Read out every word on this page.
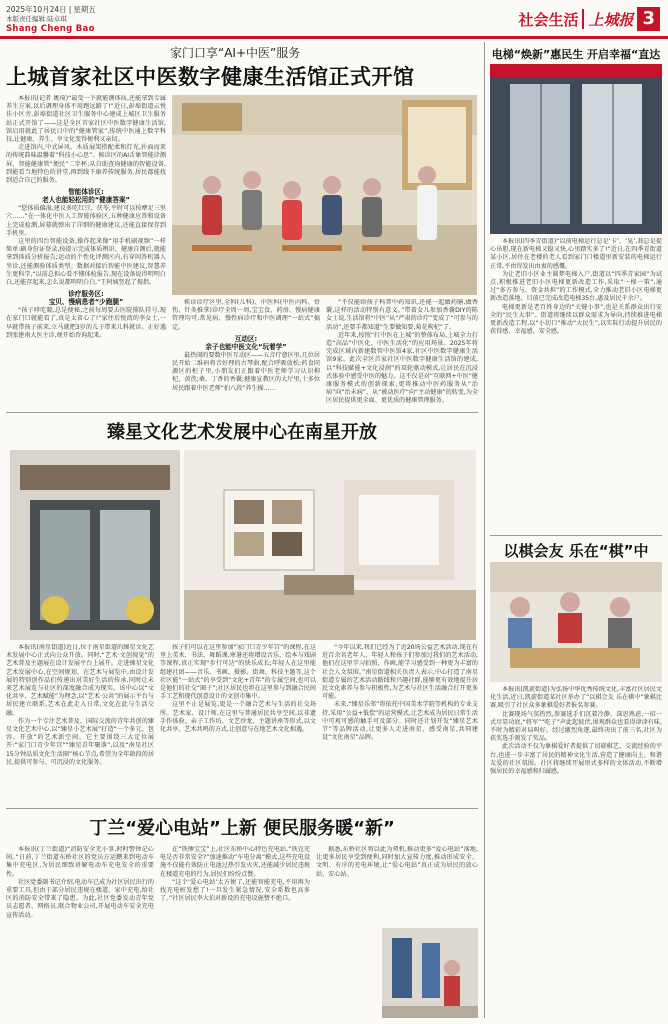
2025年10月24日 | 星期五
本版责任编辑:陆卓琪
Shang Cheng Bao
社会生活 上城报 3
家门口享“AI+中医”服务
上城首家社区中医数字健康生活馆正式开馆

本报讯(记者 姚琦)“最受一下就能测体质,还能拿到专属养生方案,以后调理身体不用跑远路了!”近日,彭埠街道云悦佳小区旁,彭埠街道社区卫生服务中心建成上城区卫生服务站正式开馆了——这是全区首家社区中医数字健康生活馆,馆启用就此了居民日中的“健康管家”,传统中医通上数字科技,让健康、养生、享文化变得便利又亲切。

走进馆内,中式屏风、木质展架搭配柔和灯光,扑面而来的传统韵味温馨着“科技小心思”。候诊区的AI舌象智能诊测屏、智能健康管“便民”二字杯;从自助查询健康的智能设备,到能看当地特色的讲堂,再到线下康养传统服务,居民都能找到适合自己的服务。

智能体诊区:
老人也能轻松用的“健康答案”

“您体质偏湿,建议多吃红豆、茯苓,平时可以按摩足三里穴……”在一体化中医人工智能体验区,五种健康应答和设备上完成检测,屏幕就弹出了详细的健康建议,还能直接保存到手机里。

这里的四台智能设备,操作起来像“用手机刷视频”一样简单:刷身份证登录,按提示完成体质辨识、健康自测后,就能拿到体质分析报告;运动的个性化评测区内,有穿问答机器人坐诊,还能测验体质类型。数据对接后智能中医建议,智慧养生更科学,“以前总担心看不懂体检报告,现在设备说得明明白白,还能存起来,怎么说都明明白白,”王阿姨竖起了拇指。

诊疗服务区:
宝贝、慢病患者“少跑腿”

“孩子哮吃喘,总是便秘,之前每周要去医院排队挂号,现在家门口就能看了,真是太省心了!”家住后悦湾的李女士,一早就带孩子前来,立马就把3岁的儿子带来儿科就诊。正好遇到张建南大医主诊,便开始咨询起来。

候诊诊疗区里,全科(儿科)、中医科(中医内科、骨伤、针灸推拿)诊疗全周一周,宝宝食、药房、慢病健康管理均可,常见病、慢性病诊疗和中医调理“一站式”搞定。

互动区:
亲子也能中医文化“玩着学”

最热闹的要数中医互动区——五音疗愈区里,几位居民开始二维码将音好理的古琴曲,配合呼吸放松;药食同源区的柜子里,小朋友们正跟着中医老师学习认识枸杞、黄芪;桑、丁香的香囊;健康宣教区的大厅里,十多位居民跟着中医老师“拍八段”养生操……

“不仅能给孩子科普中药知识,还能一起做药膳,做香囊,这样的活动特别有意义。”带着女儿参加香囊DIY的陈女士说,生活馆将“中医”从“严肃的诊疗”变成了“可参与的活动”,还要手都知道“生要做知要,菊花枸杞”了。

近年来,按照“打中医在上城”的整体布局,上城全力打造“高品”中医化、中医生活化“的应用场景。2025年将完成区域内新建数智中医馆4家,社区中医数字健康生活馆9家。此次全区首家社区中医数字健康生活馆的建成,以“科技赋能+文化浸润”的双轮驱动模式,让居民在沉浸式体验中感受中医的魅力。这不仅是对“互联网+中医”健康服务模式的创新探索,更将推动中医药服务从“治病”向“治未病”、从“被动医疗”向“主动健康”的转变,为全区居民提供更全面、更优质的健康管理服务。

臻星文化艺术发展中心在南星开放

本报讯(南星街道)近日,位于南星街道的臻星文化艺术发展中心正式向公众开放。同时,“艺术·文创视觉”的艺术普及主题展在设计发展平台上展开。走进臻星文化艺术发展中心,在空间规划、在艺术与展览中,由设计发展的特别创作品们传递出对美好生活的传承,同时让未来艺术展览与社区的深度融合成为现实。该中心以“文化共享、艺术赋能”为理念,以“艺术·公共”的展示平台与居民建立联系,艺术在此走入日常,文化在此与生活交融。

作为一个专注艺术普及、国际交流的青年共创的臻星文化艺术中心,以“臻星小艺术展”打造“一个多元、包容、开放”的艺术新空间。它主要围绕三大定位展开:“家门口青少年宫”“臻星青年聚落”,以及“南星社区15分钟品质文化生活圈”核心节点,希望为全年龄段的居民,提供可参与、可沉浸的文化服务。

孩子们可以在这里参加“家门口青少年宫”的课程,在这里上美术、书法、舞蹈课,寒暑还将增设音乐、绘本与戏剧等课程,真正实现“步行可达”的快乐成长;年轻人在这里能组建社团——音乐、书画、摄影、街舞、科技主题等,这个社区能“一站式”的享受到“文化+青年”的专属空间,也可以是他们的社交“圈子”;社区居民也将在这里参与到融合民间手工艺和现代创意设计的文创市集中。

这里不止是展览,更是一个融合艺术与生活的社交场所。艺术家、设计师,在这里与普通居民共享空间,以非遗手作体验、亲子工作坊、文艺沙龙、主题讲座等形式,以文化共享、艺术共鸣的方式,让创意与在地艺术文化相遇。

“今年以来,我们已经为了近20场公益艺术活动,现在有近百余名老年人、年轻人和孩子们参加过我们的艺术活动,他们在这里学习拍照、作画,能学习感受到一种更为丰富的社会人文氛围。”南星街道相关负责人表示,中心打造了南星街道专属的艺术活动路线和兴趣社群,能够更有效地提升居民文化素养与参与积极性,为艺术与社区生活融合打开更多可能。

未来,“臻星乐邻”将依托中国美术学院等机构的专业支持,采用“公益+低偿”的运营模式,让艺术成为居民日常生活中可观可感的触手可及部分。同时还计划开发“臻星艺术节”等品牌活动,让更多人走进南星、感受南星,共同建设“文化南星”品牌。

丁兰“爱心电站”上新 便民服务暖“新”

本报讯(丁兰街道)“消防安全无小事,时时警钟记心间。”日前,丁兰街道东桥社区的党员方运鹏来到电动车集中充电区,为居民细致讲解电动车充电安全的重要性。

社区党委副书记介绍,电动车已成为社区居民出行的重要工具,但由于部分居民违规在楼道、家中充电,给社区的消防安全带来了隐患。为此,社区党委发动青年党员志愿者、网格员,联合物业公司,开展电动车安全充电宣传活动。

在“铁锤宝宝”上,社区东桥中心特色充电站,“铁克充电是否非常安全?”加速推动“车电分离”模式,这些充电设施不仅能有效防止电池过热引发火灾,还能减少居民违规在楼道充电的行为,居民们纷纷点赞。

“这个‘爱心电站’太方便了,还能智能充电,不用再为找充电桩发愁了!一旦发生紧急情况,安全系数也高多了。”社区居民李大伯对新设的充电设施赞不绝口。

据悉,东桥社区将以此为契机,推动更多“爱心电站”落地,让更多居民享受到便利,同时加大宣传力度,推动形成安全、文明、有序的充电环境,让“爱心电站”真正成为居民的放心站、安心站。

电梯“焕新”惠民生 开启幸福“直达

本报讯(四季青街道)“以前电梯运行总是‘卡’、‘晃’,我总是提心吊胆,现在新电梯又稳又快,心里踏实多了!”近日,在四季青街道某小区,居住在老楼的老人看到家门口楼道里新安装的电梯运行正常,不由得发出由衷的感慨。

为让老旧小区业主圆梦电梯入户,街道以“四季青家园”为试点,积极推进老旧小区电梯更新改造工作,采取“一梯一策”,通过“多方参与、资金共担”的工作模式,全力推动老旧小区电梯更新改造落地。目前已完成改造电梯35台,惠及居民千余户。

电梯更新是老百姓身边的“关键小事”,也是关系群众出行安全的“民生大事”。街道将继续以群众需求为导向,持续推进电梯更新改造工程,以“小切口”推动“大民生”,以实际行动提升居民的获得感、幸福感、安全感。

以棋会友 乐在“棋”中

本报讯(凯旋街道)为弘扬中华优秀传统文化,丰富社区居民文化生活,近日,凯旋街道某社区举办了“以棋会友 乐在棋中”象棋比赛,吸引了社区众多象棋爱好者报名参赛。

比赛现场气氛热烈,参赛选手们沉着冷静、深思熟虑,一招一式尽显功底,“将军”“吃子”声此起彼伏,围观群众也看得津津有味,不时为精彩对局叫好。经过激烈角逐,最终决出了前三名,社区为获奖选手颁发了奖品。

此次活动不仅为象棋爱好者提供了切磋棋艺、交流经验的平台,也进一步丰富了居民的精神文化生活,营造了健康向上、和谐友爱的社区氛围。社区将继续开展形式多样的文体活动,不断增强居民的幸福感和归属感。
